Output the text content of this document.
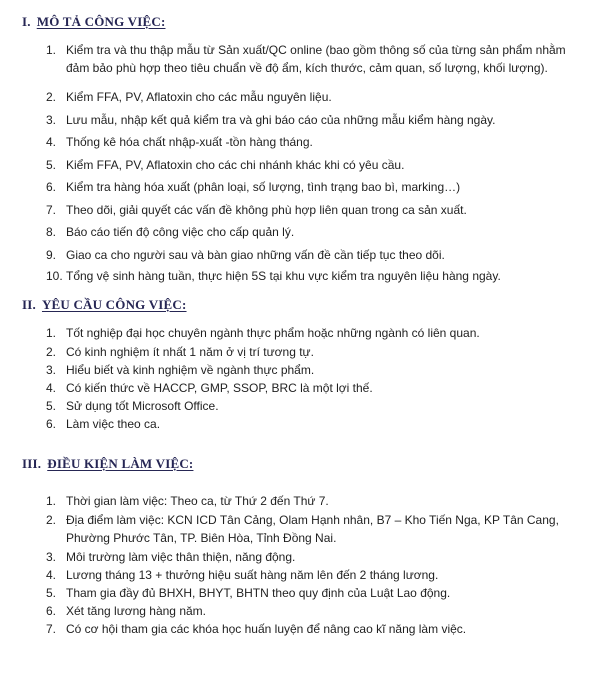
I. MÔ TẢ CÔNG VIỆC:
1. Kiểm tra và thu thập mẫu từ Sản xuất/QC online (bao gồm thông số của từng sản phẩm nhằm đảm bảo phù hợp theo tiêu chuẩn về độ ẩm, kích thước, cảm quan, số lượng, khối lượng).
2. Kiểm FFA, PV, Aflatoxin cho các mẫu nguyên liệu.
3. Lưu mẫu, nhập kết quả kiểm tra và ghi báo cáo của những mẫu kiểm hàng ngày.
4. Thống kê hóa chất nhập-xuất -tồn hàng tháng.
5. Kiểm FFA, PV, Aflatoxin cho các chi nhánh khác khi có yêu cầu.
6. Kiểm tra hàng hóa xuất (phân loại, số lượng, tình trạng bao bì, marking…)
7. Theo dõi, giải quyết các vấn đề không phù hợp liên quan trong ca sản xuất.
8. Báo cáo tiến độ công việc cho cấp quản lý.
9. Giao ca cho người sau và bàn giao những vấn đề cần tiếp tục theo dõi.
10. Tổng vệ sinh hàng tuần, thực hiện 5S tại khu vực kiểm tra nguyên liệu hàng ngày.
II. YÊU CẦU CÔNG VIỆC:
1. Tốt nghiệp đại học chuyên ngành thực phẩm hoặc những ngành có liên quan.
2. Có kinh nghiệm ít nhất 1 năm ở vị trí tương tự.
3. Hiểu biết và kinh nghiệm về ngành thực phẩm.
4. Có kiến thức về HACCP, GMP, SSOP, BRC là một lợi thế.
5. Sử dụng tốt Microsoft Office.
6. Làm việc theo ca.
III. ĐIỀU KIỆN LÀM VIỆC:
1. Thời gian làm việc: Theo ca, từ Thứ 2 đến Thứ 7.
2. Địa điểm làm việc: KCN ICD Tân Cảng, Olam Hạnh nhân, B7 – Kho Tiến Nga, KP Tân Cang, Phường Phước Tân, TP. Biên Hòa, Tỉnh Đồng Nai.
3. Môi trường làm việc thân thiện, năng động.
4. Lương tháng 13 + thưởng hiệu suất hàng năm lên đến 2 tháng lương.
5. Tham gia đầy đủ BHXH, BHYT, BHTN theo quy định của Luật Lao động.
6. Xét tăng lương hàng năm.
7. Có cơ hội tham gia các khóa học huấn luyện để nâng cao kĩ năng làm việc.
